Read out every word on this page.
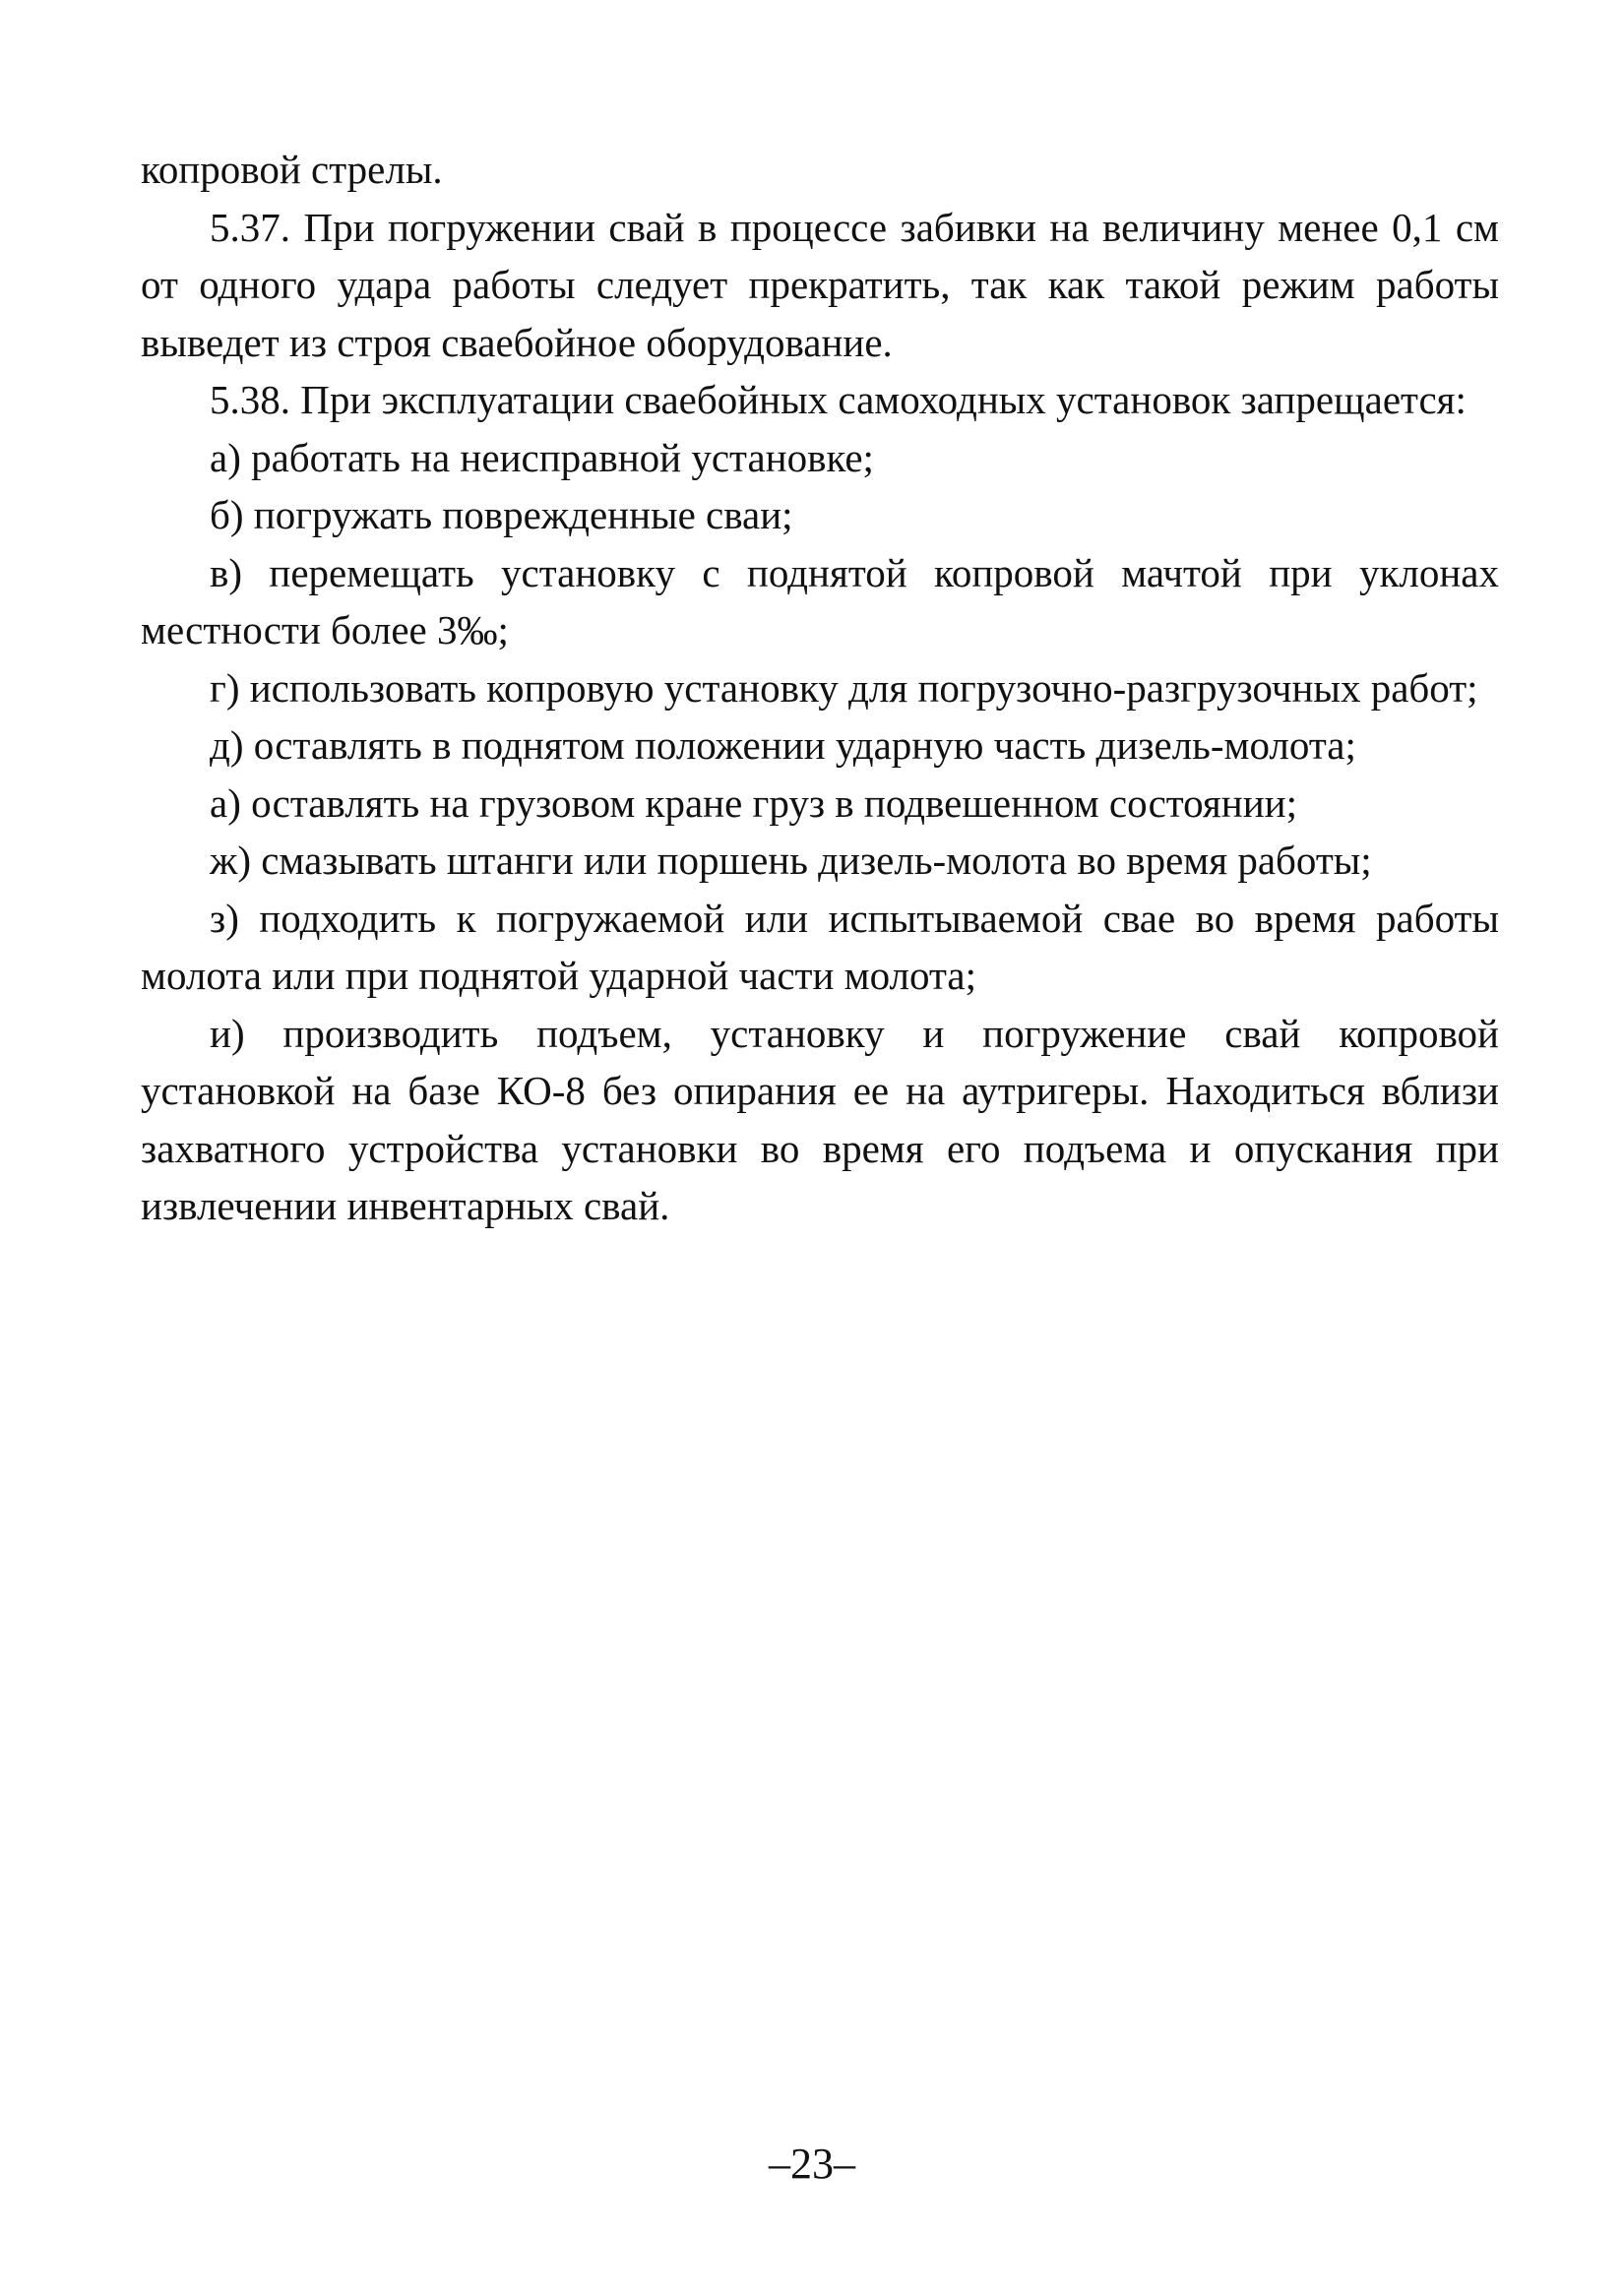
копровой стрелы.

5.37. При погружении свай в процессе забивки на величину менее 0,1 см от одного удара работы следует прекратить, так как такой режим работы выведет из строя сваебойное оборудование.

5.38. При эксплуатации сваебойных самоходных установок запрещается:

а) работать на неисправной установке;

б) погружать поврежденные сваи;

в) перемещать установку с поднятой копровой мачтой при уклонах местности более 3‰;

г) использовать копровую установку для погрузочно-разгрузочных работ;

д) оставлять в поднятом положении ударную часть дизель-молота;

а) оставлять на грузовом кране груз в подвешенном состоянии;

ж) смазывать штанги или поршень дизель-молота во время работы;

з) подходить к погружаемой или испытываемой свае во время работы молота или при поднятой ударной части молота;

и) производить подъем, установку и погружение свай копровой установкой на базе КО-8 без опирания ее на аутригеры. Находиться вблизи захватного устройства установки во время его подъема и опускания при извлечении инвентарных свай.

–23–
